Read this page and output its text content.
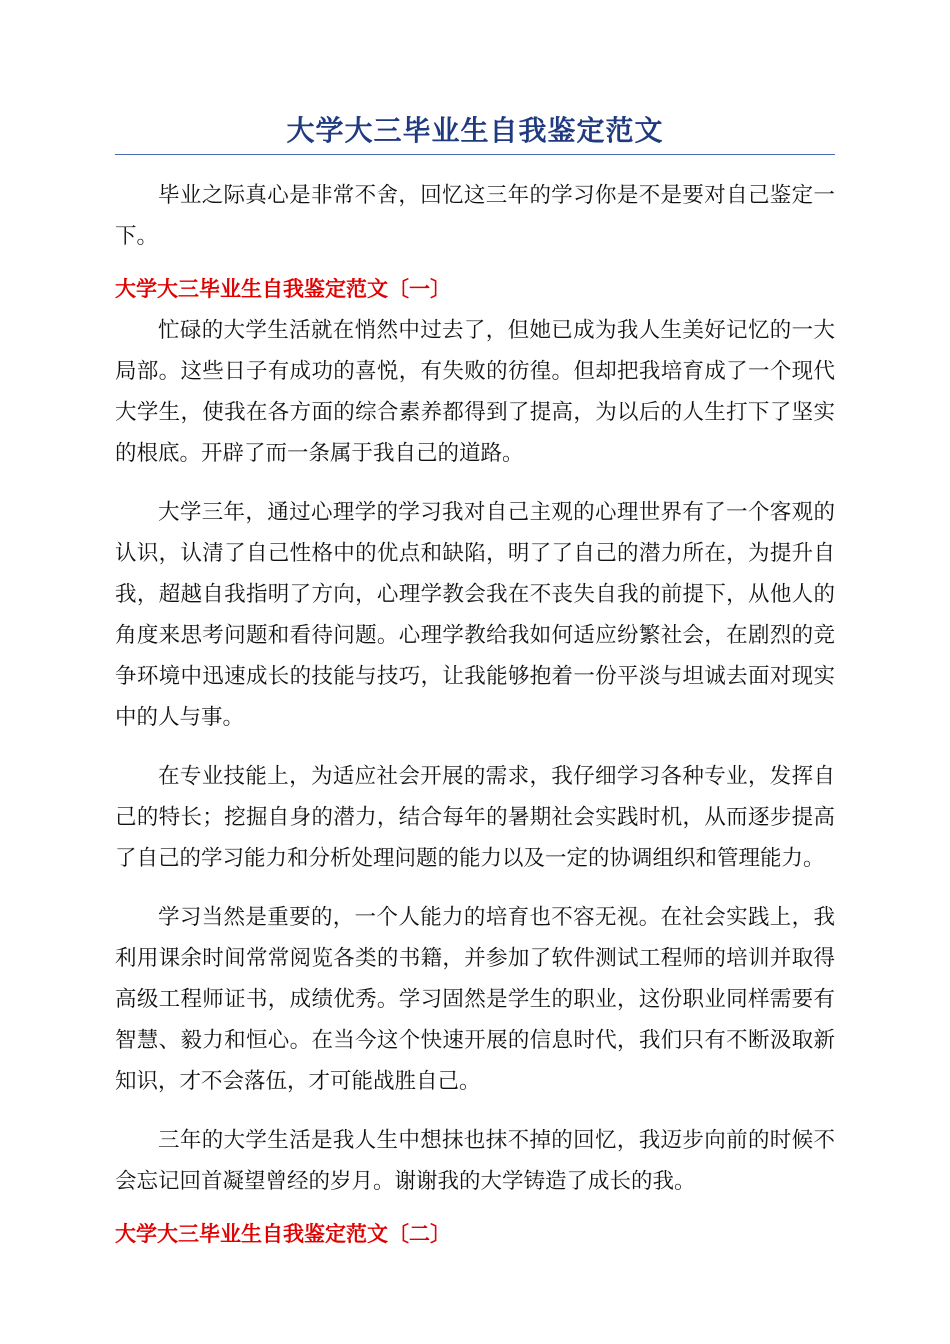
大学大三毕业生自我鉴定范文

毕业之际真心是非常不舍，回忆这三年的学习你是不是要对自己鉴定一下。

大学大三毕业生自我鉴定范文〔一〕

忙碌的大学生活就在悄然中过去了，但她已成为我人生美好记忆的一大局部。这些日子有成功的喜悦，有失败的彷徨。但却把我培育成了一个现代大学生，使我在各方面的综合素养都得到了提高，为以后的人生打下了坚实的根底。开辟了而一条属于我自己的道路。

大学三年，通过心理学的学习我对自己主观的心理世界有了一个客观的认识，认清了自己性格中的优点和缺陷，明了了自己的潜力所在，为提升自我，超越自我指明了方向，心理学教会我在不丧失自我的前提下，从他人的角度来思考问题和看待问题。心理学教给我如何适应纷繁社会，在剧烈的竞争环境中迅速成长的技能与技巧，让我能够抱着一份平淡与坦诚去面对现实中的人与事。

在专业技能上，为适应社会开展的需求，我仔细学习各种专业，发挥自己的特长；挖掘自身的潜力，结合每年的暑期社会实践时机，从而逐步提高了自己的学习能力和分析处理问题的能力以及一定的协调组织和管理能力。

学习当然是重要的，一个人能力的培育也不容无视。在社会实践上，我利用课余时间常常阅览各类的书籍，并参加了软件测试工程师的培训并取得高级工程师证书，成绩优秀。学习固然是学生的职业，这份职业同样需要有智慧、毅力和恒心。在当今这个快速开展的信息时代，我们只有不断汲取新知识，才不会落伍，才可能战胜自己。

三年的大学生活是我人生中想抹也抹不掉的回忆，我迈步向前的时候不会忘记回首凝望曾经的岁月。谢谢我的大学铸造了成长的我。

大学大三毕业生自我鉴定范文〔二〕
